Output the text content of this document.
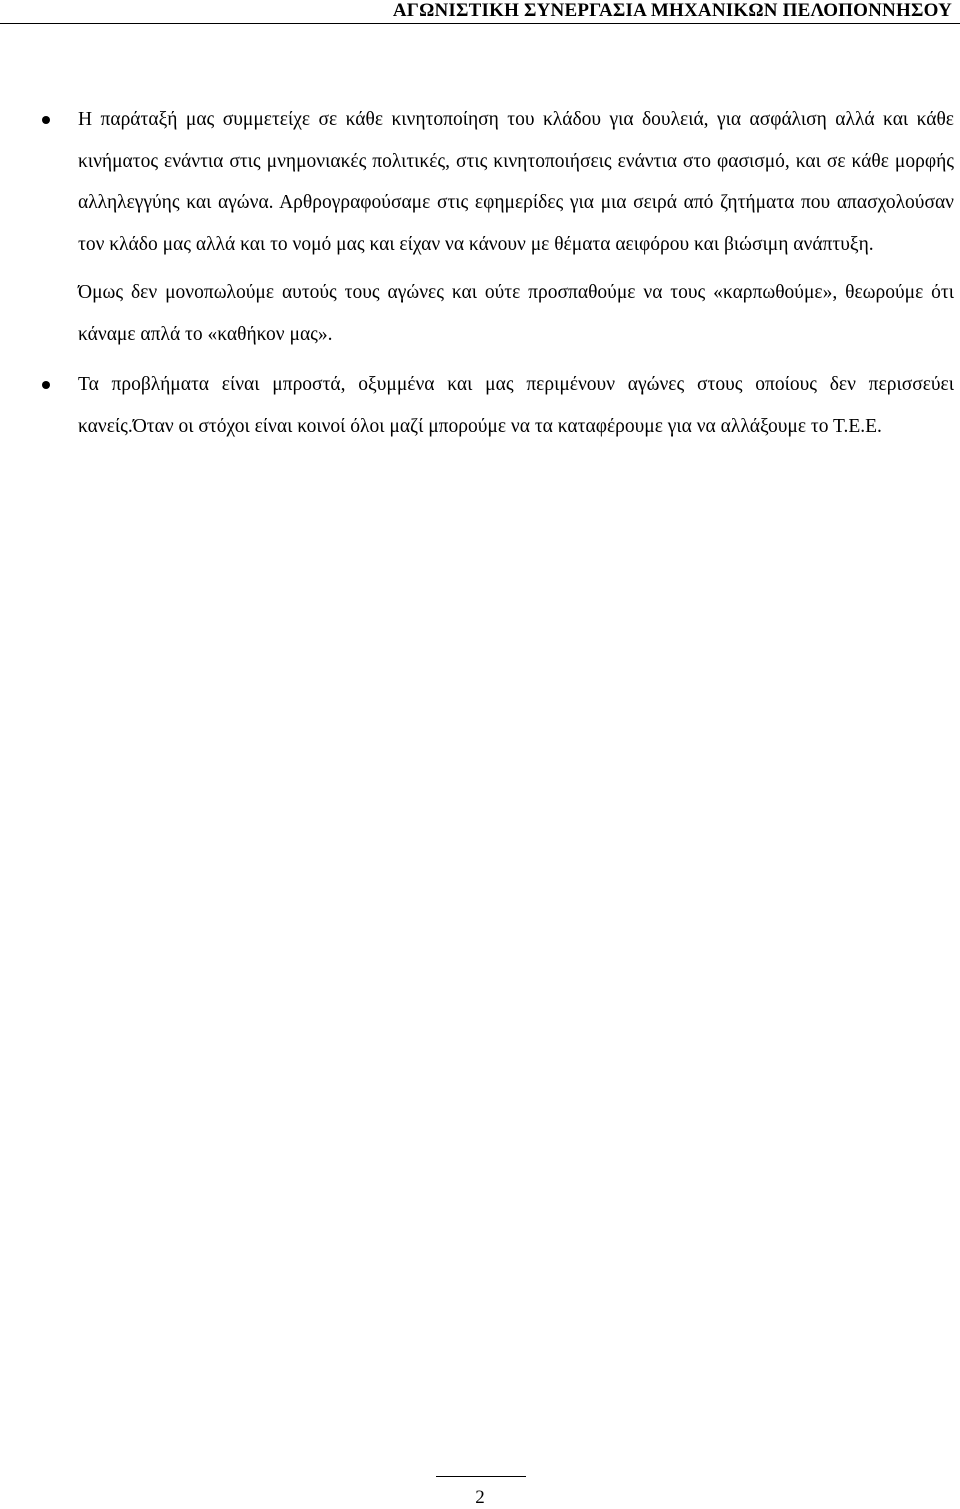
ΑΓΩΝΙΣΤΙΚΗ ΣΥΝΕΡΓΑΣΙΑ ΜΗΧΑΝΙΚΩΝ ΠΕΛΟΠΟΝΝΗΣΟΥ

Η παράταξή μας συμμετείχε σε κάθε κινητοποίηση του κλάδου για δουλειά, για ασφάλιση αλλά και κάθε κινήματος ενάντια στις μνημονιακές πολιτικές, στις κινητοποιήσεις ενάντια στο φασισμό, και σε κάθε μορφής αλληλεγγύης και αγώνα. Αρθρογραφούσαμε στις εφημερίδες για μια σειρά από ζητήματα που απασχολούσαν τον κλάδο μας αλλά και το νομό μας και είχαν να κάνουν με θέματα αειφόρου και βιώσιμη ανάπτυξη.

Όμως δεν μονοπωλούμε αυτούς τους αγώνες και ούτε προσπαθούμε να τους «καρπωθούμε», θεωρούμε ότι κάναμε απλά το «καθήκον μας».

Τα προβλήματα είναι μπροστά, οξυμμένα και μας περιμένουν αγώνες στους οποίους δεν περισσεύει κανείς.Όταν οι στόχοι είναι κοινοί όλοι μαζί μπορούμε να τα καταφέρουμε για να αλλάξουμε το Τ.Ε.Ε.

2
